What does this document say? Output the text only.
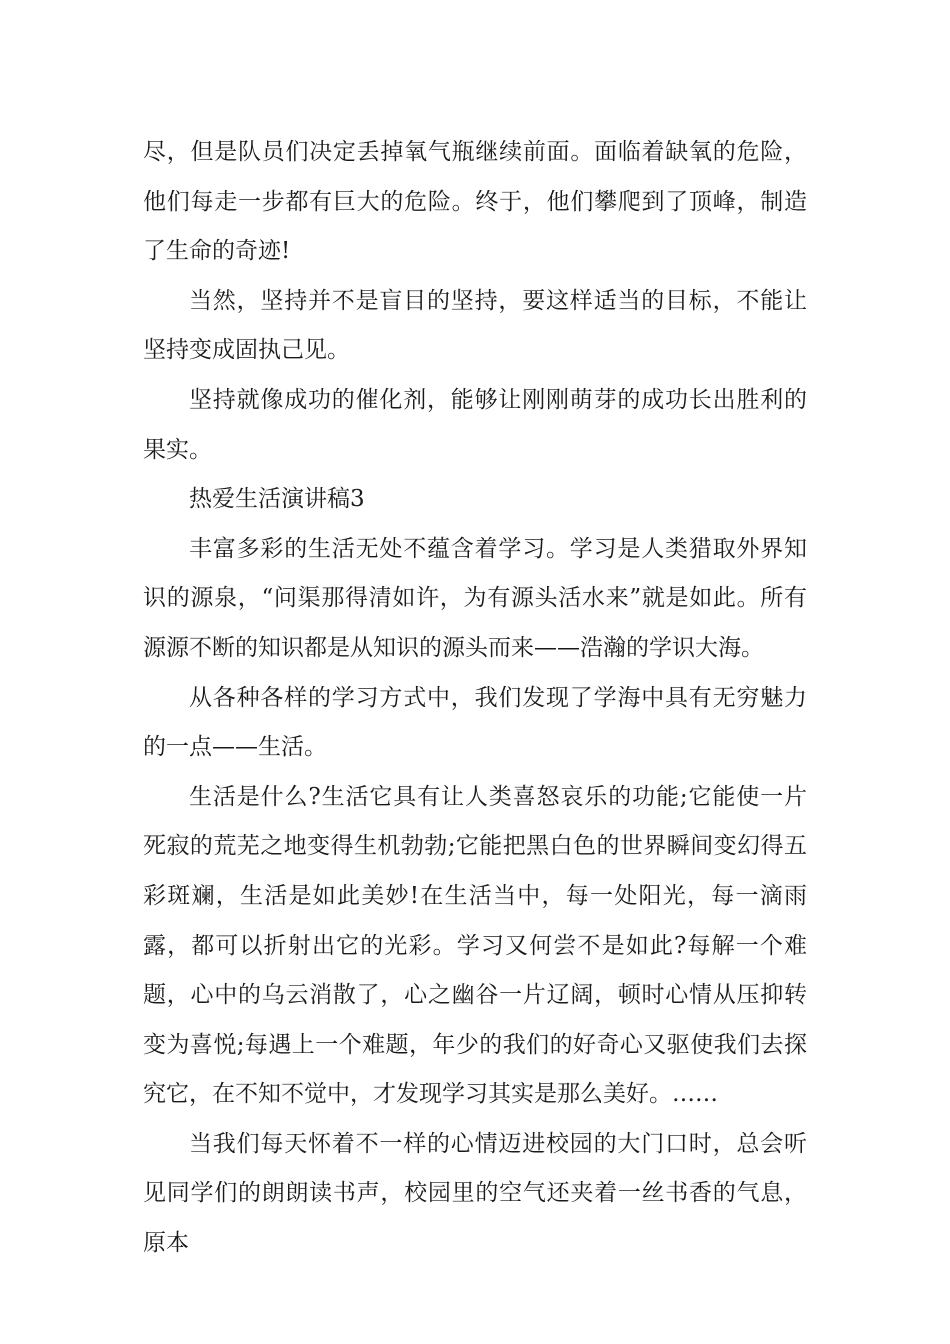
尽，但是队员们决定丢掉氧气瓶继续前面。面临着缺氧的危险，他们每走一步都有巨大的危险。终于，他们攀爬到了顶峰，制造了生命的奇迹!

当然，坚持并不是盲目的坚持，要这样适当的目标，不能让坚持变成固执己见。

坚持就像成功的催化剂，能够让刚刚萌芽的成功长出胜利的果实。

热爱生活演讲稿3

丰富多彩的生活无处不蕴含着学习。学习是人类猎取外界知识的源泉，“问渠那得清如许，为有源头活水来”就是如此。所有源源不断的知识都是从知识的源头而来——浩瀚的学识大海。

从各种各样的学习方式中，我们发现了学海中具有无穷魅力的一点——生活。

生活是什么?生活它具有让人类喜怒哀乐的功能;它能使一片死寂的荒芜之地变得生机勃勃;它能把黑白色的世界瞬间变幻得五彩斑斓，生活是如此美妙!在生活当中，每一处阳光，每一滴雨露，都可以折射出它的光彩。学习又何尝不是如此?每解一个难题，心中的乌云消散了，心之幽谷一片辽阔，顿时心情从压抑转变为喜悦;每遇上一个难题，年少的我们的好奇心又驱使我们去探究它，在不知不觉中，才发现学习其实是那么美好。……

当我们每天怀着不一样的心情迈进校园的大门口时，总会听见同学们的朗朗读书声，校园里的空气还夹着一丝书香的气息，原本
